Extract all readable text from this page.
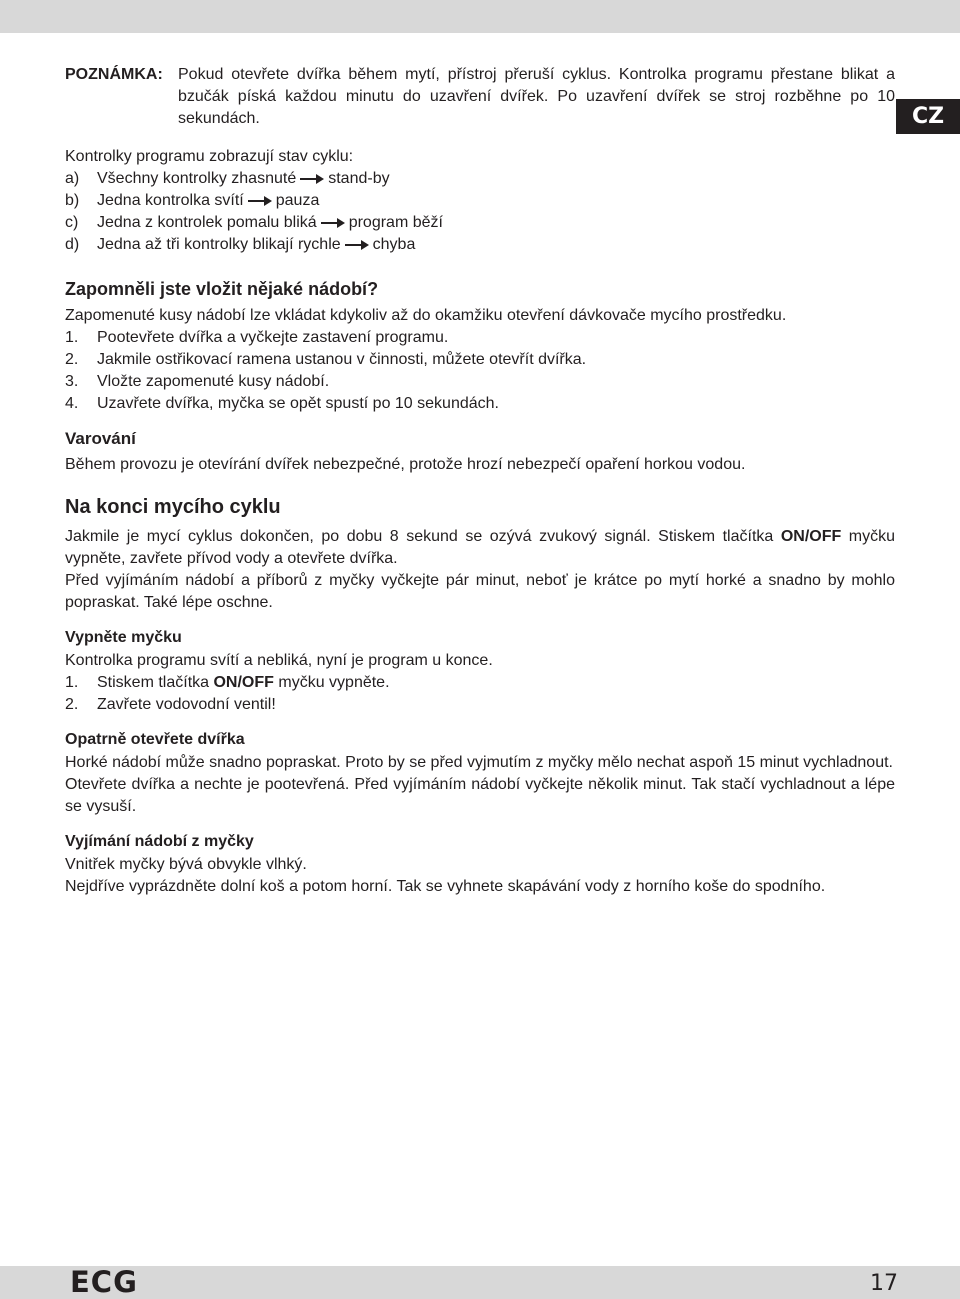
CZ
POZNÁMKA: Pokud otevřete dvířka během mytí, přístroj přeruší cyklus. Kontrolka programu přestane blikat a bzučák píská každou minutu do uzavření dvířek. Po uzavření dvířek se stroj rozběhne po 10 sekundách.

Kontrolky programu zobrazují stav cyklu:

a) Všechny kontrolky zhasnuté stand-by

b) Jedna kontrolka svítí pauza

c) Jedna z kontrolek pomalu bliká program běží

d) Jedna až tři kontrolky blikají rychle chyba

Zapomněli jste vložit nějaké nádobí?

Zapomenuté kusy nádobí lze vkládat kdykoliv až do okamžiku otevření dávkovače mycího prostředku.

1. Pootevřete dvířka a vyčkejte zastavení programu.

2. Jakmile ostřikovací ramena ustanou v činnosti, můžete otevřít dvířka.

3. Vložte zapomenuté kusy nádobí.

4. Uzavřete dvířka, myčka se opět spustí po 10 sekundách.

Varování

Během provozu je otevírání dvířek nebezpečné, protože hrozí nebezpečí opaření horkou vodou.

Na konci mycího cyklu

Jakmile je mycí cyklus dokončen, po dobu 8 sekund se ozývá zvukový signál. Stiskem tlačítka ON/OFF myčku vypněte, zavřete přívod vody a otevřete dvířka.

Před vyjímáním nádobí a příborů z myčky vyčkejte pár minut, neboť je krátce po mytí horké a snadno by mohlo popraskat. Také lépe oschne.

Vypněte myčku

Kontrolka programu svítí a nebliká, nyní je program u konce.

1. Stiskem tlačítka ON/OFF myčku vypněte.

2. Zavřete vodovodní ventil!

Opatrně otevřete dvířka

Horké nádobí může snadno popraskat. Proto by se před vyjmutím z myčky mělo nechat aspoň 15 minut vychladnout.

Otevřete dvířka a nechte je pootevřená. Před vyjímáním nádobí vyčkejte několik minut. Tak stačí vychladnout a lépe se vysuší.

Vyjímání nádobí z myčky

Vnitřek myčky bývá obvykle vlhký.

Nejdříve vyprázdněte dolní koš a potom horní. Tak se vyhnete skapávání vody z horního koše do spodního.

ECG	17
